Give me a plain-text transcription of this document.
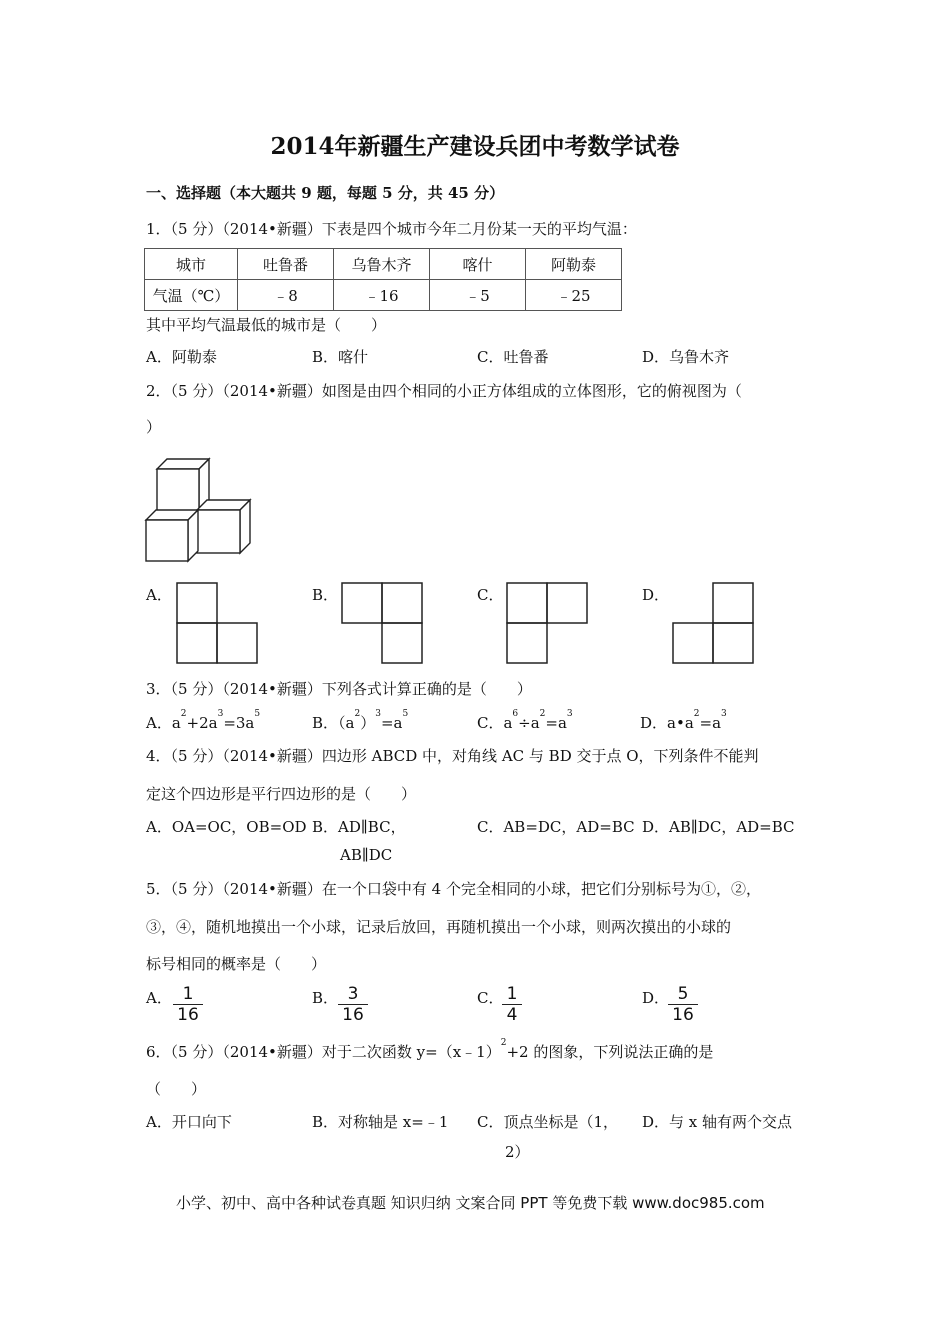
2014年新疆生产建设兵团中考数学试卷
一、选择题（本大题共 9 题，每题 5 分，共 45 分）
1．（5 分）（2014•新疆）下表是四个城市今年二月份某一天的平均气温：
城市	吐鲁番	乌鲁木齐	喀什	阿勒泰
气温（℃）	﹣8	﹣16	﹣5	﹣25
其中平均气温最低的城市是（　　）
A．阿勒泰	B．喀什	C．吐鲁番	D．乌鲁木齐
2．（5 分）（2014•新疆）如图是由四个相同的小正方体组成的立体图形，它的俯视图为（
）
A．	B．	C．	D．
3．（5 分）（2014•新疆）下列各式计算正确的是（　　）
A．$a^2+2a^3=3a^5$	B．$(a^2)^3=a^5$	C．$a^6\div a^2=a^3$	D．$a•a^2=a^3$
4．（5 分）（2014•新疆）四边形 ABCD 中，对角线 AC 与 BD 交于点 O，下列条件不能判
定这个四边形是平行四边形的是（　　）
A．OA=OC，OB=OD B．AD∥BC，
AB∥DC
C．AB=DC，AD=BC D．AB∥DC，AD=BC
5．（5 分）（2014•新疆）在一个口袋中有 4 个完全相同的小球，把它们分别标号为①，②，
③，④，随机地摸出一个小球，记录后放回，再随机摸出一个小球，则两次摸出的小球的
标号相同的概率是（　　）
A． 1
16
B． 3
16
C． 1
4
D． 5
16
6．（5 分）（2014•新疆）对于二次函数 y=（x﹣1）$^2$+2 的图象，下列说法正确的是
（　　）
A．开口向下	B．对称轴是 x=﹣1 C．顶点坐标是（1，
2）
D．与 x 轴有两个交点
小学、初中、高中各种试卷真题 知识归纳 文案合同 PPT 等免费下载 www.doc985.com
